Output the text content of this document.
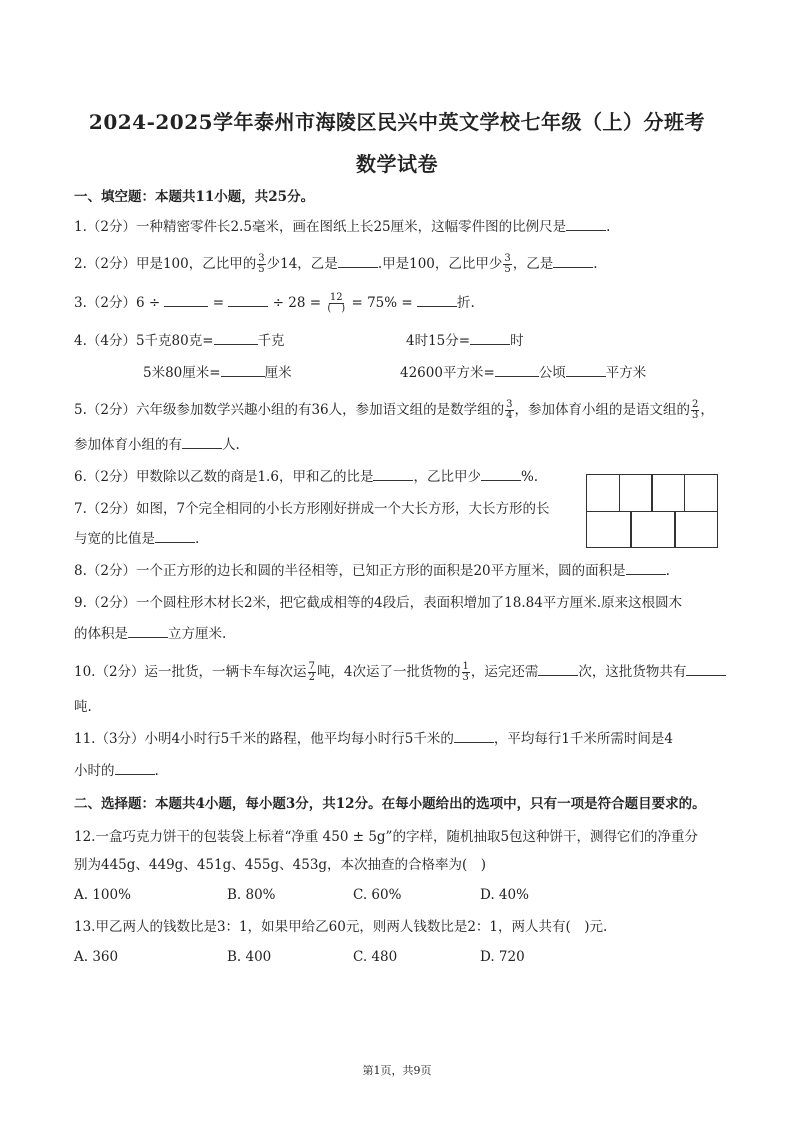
2024-2025学年泰州市海陵区民兴中英文学校七年级（上）分班考
数学试卷
一、填空题：本题共11小题，共25分。
1.（2分）一种精密零件长2.5毫米，画在图纸上长25厘米，这幅零件图的比例尺是	.
2.（2分）甲是100，乙比甲的 $\frac{3}{5}$ 少14，乙是	.甲是100，乙比甲少 $\frac{3}{5}$ ，乙是	.
3.（2分）6 ÷	=	÷ $28 = \frac{12}{( )} = 75\%$ =	折.
4.（4分）5千克80克=	千克	4时15分=	时
5米80厘米=	厘米	42600平方米=	公顷	平方米
5.（2分）六年级参加数学兴趣小组的有36人，参加语文组的是数学组的 $\frac{3}{4}$ ，参加体育小组的是语文组的 $\frac{2}{3}$ ，
参加体育小组的有	人.
6.（2分）甲数除以乙数的商是1.6，甲和乙的比是	，乙比甲少	%.
7.（2分）如图，7个完全相同的小长方形刚好拼成一个大长方形，大长方形的长
与宽的比值是	.
8.（2分）一个正方形的边长和圆的半径相等，已知正方形的面积是20平方厘米，圆的面积是	.
9.（2分）一个圆柱形木材长2米，把它截成相等的4段后，表面积增加了18.84平方厘米.原来这根圆木
的体积是	立方厘米.
10.（2分）运一批货，一辆卡车每次运 $\frac{7}{2}$ 吨，4次运了一批货物的 $\frac{1}{3}$ ，运完还需	次，这批货物共有
吨.
11.（3分）小明4小时行5千米的路程，他平均每小时行5千米的	，平均每行1千米所需时间是4
小时的	.
二、选择题：本题共4小题，每小题3分，共12分。在每小题给出的选项中，只有一项是符合题目要求的。
12.一盒巧克力饼干的包装袋上标着“净重 450 ± 5g”的字样，随机抽取5包这种饼干，测得它们的净重分
别为445g、449g、451g、455g、453g，本次抽查的合格率为(　)
A. 100%	B. 80%	C. 60%	D. 40%
13.甲乙两人的钱数比是3：1，如果甲给乙60元，则两人钱数比是2：1，两人共有(　)元.
A. 360	B. 400	C. 480	D. 720
第1页，共9页
